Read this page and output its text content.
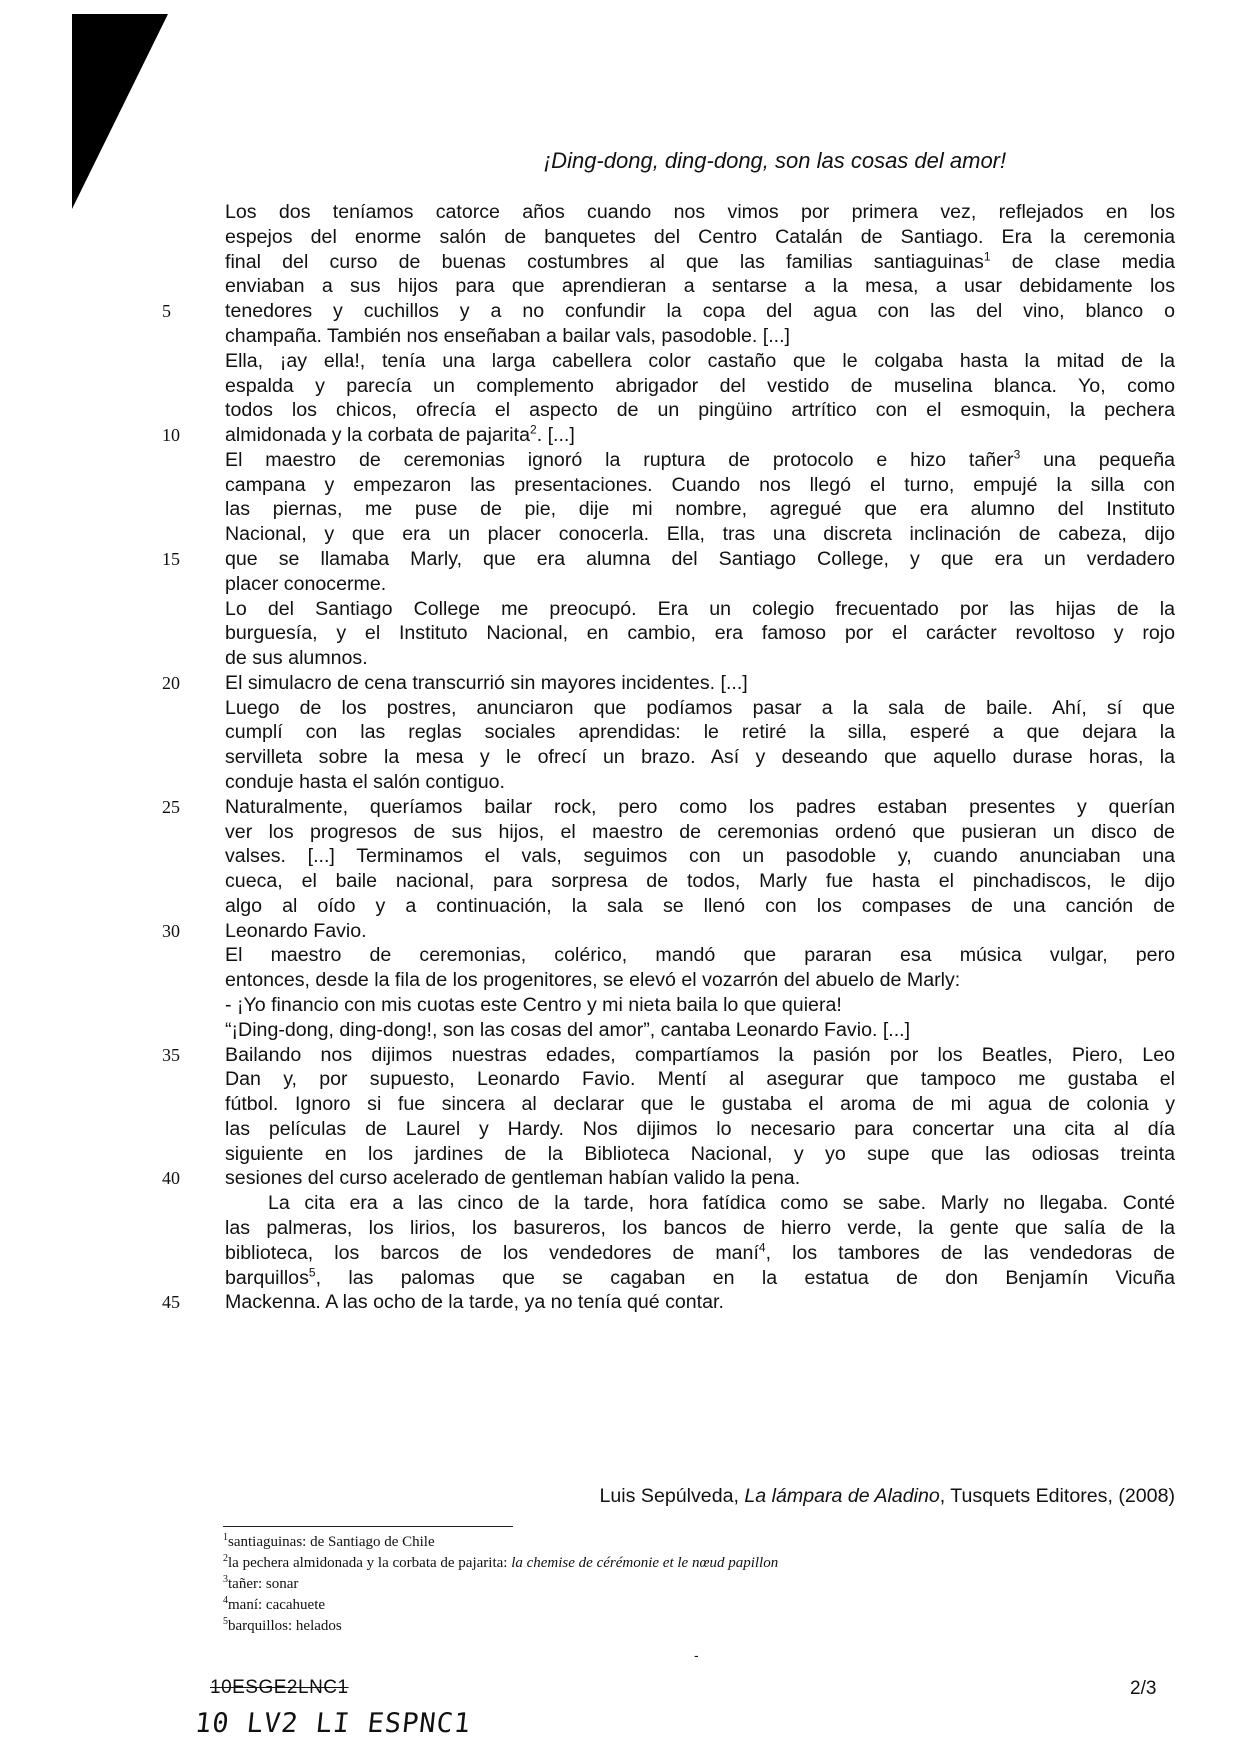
¡Ding-dong, ding-dong, son las cosas del amor!
Los dos teníamos catorce años cuando nos vimos por primera vez, reflejados en los
espejos del enorme salón de banquetes del Centro Catalán de Santiago. Era la ceremonia
final del curso de buenas costumbres al que las familias santiaguinas$^1$ de clase media
enviaban a sus hijos para que aprendieran a sentarse a la mesa, a usar debidamente los
tenedores y cuchillos y a no confundir la copa del agua con las del vino, blanco o
5
champaña. También nos enseñaban a bailar vals, pasodoble. [...]
Ella, ¡ay ella!, tenía una larga cabellera color castaño que le colgaba hasta la mitad de la
espalda y parecía un complemento abrigador del vestido de muselina blanca. Yo, como
todos los chicos, ofrecía el aspecto de un pingüino artrítico con el esmoquin, la pechera
almidonada y la corbata de pajarita$^2$. [...]
10
El maestro de ceremonias ignoró la ruptura de protocolo e hizo tañer$^3$ una pequeña
campana y empezaron las presentaciones. Cuando nos llegó el turno, empujé la silla con
las piernas, me puse de pie, dije mi nombre, agregué que era alumno del Instituto
Nacional, y que era un placer conocerla. Ella, tras una discreta inclinación de cabeza, dijo
que se llamaba Marly, que era alumna del Santiago College, y que era un verdadero
15
placer conocerme.
Lo del Santiago College me preocupó. Era un colegio frecuentado por las hijas de la
burguesía, y el Instituto Nacional, en cambio, era famoso por el carácter revoltoso y rojo
de sus alumnos.
El simulacro de cena transcurrió sin mayores incidentes. [...]
20
Luego de los postres, anunciaron que podíamos pasar a la sala de baile. Ahí, sí que
cumplí con las reglas sociales aprendidas: le retiré la silla, esperé a que dejara la
servilleta sobre la mesa y le ofrecí un brazo. Así y deseando que aquello durase horas, la
conduje hasta el salón contiguo.
Naturalmente, queríamos bailar rock, pero como los padres estaban presentes y querían
25
ver los progresos de sus hijos, el maestro de ceremonias ordenó que pusieran un disco de
valses. [...] Terminamos el vals, seguimos con un pasodoble y, cuando anunciaban una
cueca, el baile nacional, para sorpresa de todos, Marly fue hasta el pinchadiscos, le dijo
algo al oído y a continuación, la sala se llenó con los compases de una canción de
Leonardo Favio.
30
El maestro de ceremonias, colérico, mandó que pararan esa música vulgar, pero
entonces, desde la fila de los progenitores, se elevó el vozarrón del abuelo de Marly:
- ¡Yo financio con mis cuotas este Centro y mi nieta baila lo que quiera!
“¡Ding-dong, ding-dong!, son las cosas del amor”, cantaba Leonardo Favio. [...]
Bailando nos dijimos nuestras edades, compartíamos la pasión por los Beatles, Piero, Leo
35
Dan y, por supuesto, Leonardo Favio. Mentí al asegurar que tampoco me gustaba el
fútbol. Ignoro si fue sincera al declarar que le gustaba el aroma de mi agua de colonia y
las películas de Laurel y Hardy. Nos dijimos lo necesario para concertar una cita al día
siguiente en los jardines de la Biblioteca Nacional, y yo supe que las odiosas treinta
sesiones del curso acelerado de gentleman habían valido la pena.
40
La cita era a las cinco de la tarde, hora fatídica como se sabe. Marly no llegaba. Conté
las palmeras, los lirios, los basureros, los bancos de hierro verde, la gente que salía de la
biblioteca, los barcos de los vendedores de maní$^4$, los tambores de las vendedoras de
barquillos$^5$, las palomas que se cagaban en la estatua de don Benjamín Vicuña
Mackenna. A las ocho de la tarde, ya no tenía qué contar.
45
Luis Sepúlveda, La lámpara de Aladino, Tusquets Editores, (2008)
$^1$santiaguinas: de Santiago de Chile
$^2$la pechera almidonada y la corbata de pajarita: la chemise de cérémonie et le nœud papillon
$^3$tañer: sonar
$^4$maní: cacahuete
$^5$barquillos: helados
-
10ESGE2LNC1	2/3
10 LV2 LI ESPNC1
